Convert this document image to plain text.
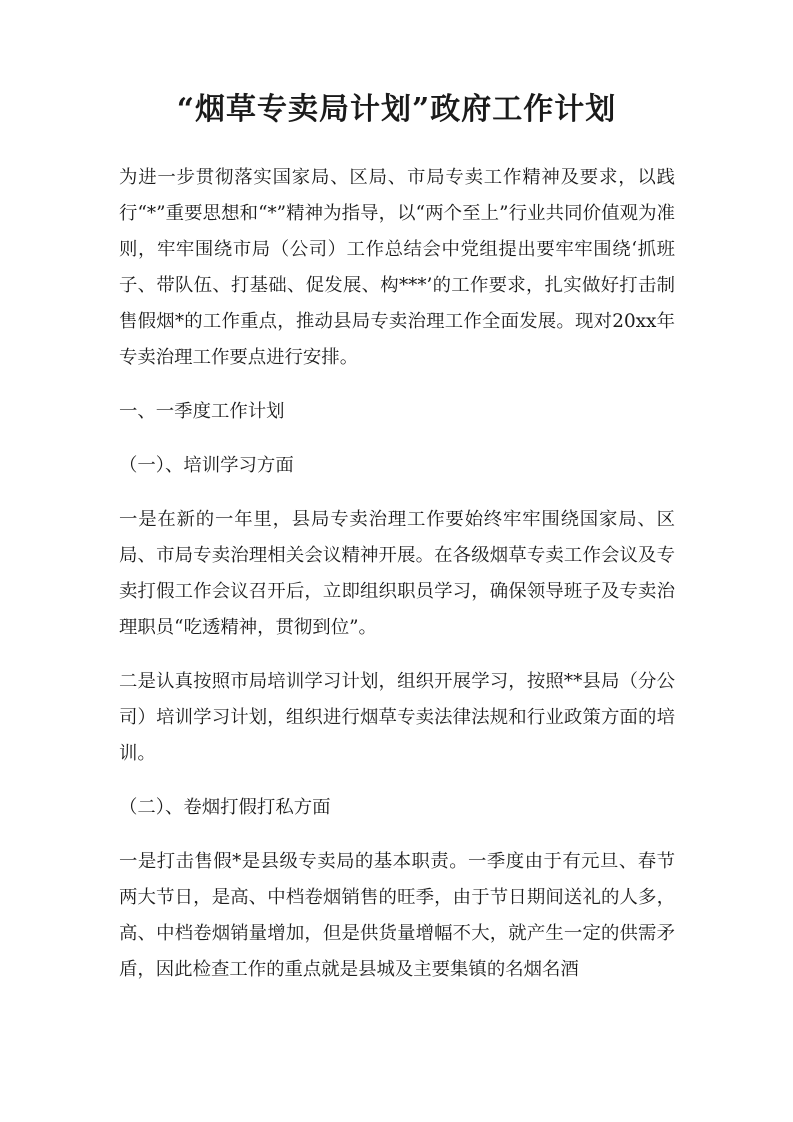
“烟草专卖局计划”政府工作计划

为进一步贯彻落实国家局、区局、市局专卖工作精神及要求，以践行“*”重要思想和“*”精神为指导，以“两个至上”行业共同价值观为准则，牢牢围绕市局（公司）工作总结会中党组提出要牢牢围绕‘抓班子、带队伍、打基础、促发展、构***’的工作要求，扎实做好打击制售假烟*的工作重点，推动县局专卖治理工作全面发展。现对20xx年专卖治理工作要点进行安排。

一、一季度工作计划

（一）、培训学习方面

一是在新的一年里，县局专卖治理工作要始终牢牢围绕国家局、区局、市局专卖治理相关会议精神开展。在各级烟草专卖工作会议及专卖打假工作会议召开后，立即组织职员学习，确保领导班子及专卖治理职员“吃透精神，贯彻到位”。

二是认真按照市局培训学习计划，组织开展学习，按照**县局（分公司）培训学习计划，组织进行烟草专卖法律法规和行业政策方面的培训。

（二）、卷烟打假打私方面

一是打击售假*是县级专卖局的基本职责。一季度由于有元旦、春节两大节日，是高、中档卷烟销售的旺季，由于节日期间送礼的人多，高、中档卷烟销量增加，但是供货量增幅不大，就产生一定的供需矛盾，因此检查工作的重点就是县城及主要集镇的名烟名酒
